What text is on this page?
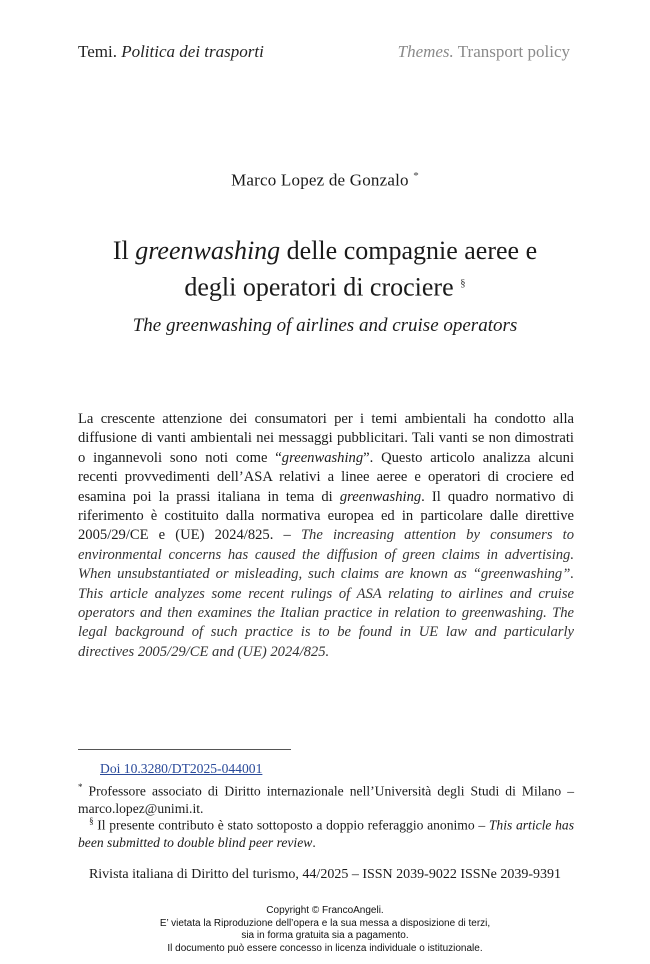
Temi. Politica dei trasporti	Themes. Transport policy
Marco Lopez de Gonzalo *
Il greenwashing delle compagnie aeree e
degli operatori di crociere §
The greenwashing of airlines and cruise operators
La crescente attenzione dei consumatori per i temi ambientali ha condotto alla diffusione di vanti ambientali nei messaggi pubblicitari. Tali vanti se non dimostrati o ingannevoli sono noti come “greenwashing”. Questo articolo analizza alcuni recenti provvedimenti dell’ASA relativi a linee aeree e operatori di crociere ed esamina poi la prassi italiana in tema di greenwashing. Il quadro normativo di riferimento è costituito dalla normativa europea ed in particolare dalle direttive 2005/29/CE e (UE) 2024/825. – The increasing attention by consumers to environmental concerns has caused the diffusion of green claims in advertising. When unsubstantiated or misleading, such claims are known as “greenwashing”. This article analyzes some recent rulings of ASA relating to airlines and cruise operators and then examines the Italian practice in relation to greenwashing. The legal background of such practice is to be found in UE law and particularly directives 2005/29/CE and (UE) 2024/825.
Doi 10.3280/DT2025-044001
* Professore associato di Diritto internazionale nell’Università degli Studi di Milano – marco.lopez@unimi.it.
§ Il presente contributo è stato sottoposto a doppio referaggio anonimo – This article has been submitted to double blind peer review.
Rivista italiana di Diritto del turismo, 44/2025 – ISSN 2039-9022 ISSNe 2039-9391
Copyright © FrancoAngeli.
E’ vietata la Riproduzione dell’opera e la sua messa a disposizione di terzi,
sia in forma gratuita sia a pagamento.
Il documento può essere concesso in licenza individuale o istituzionale.
